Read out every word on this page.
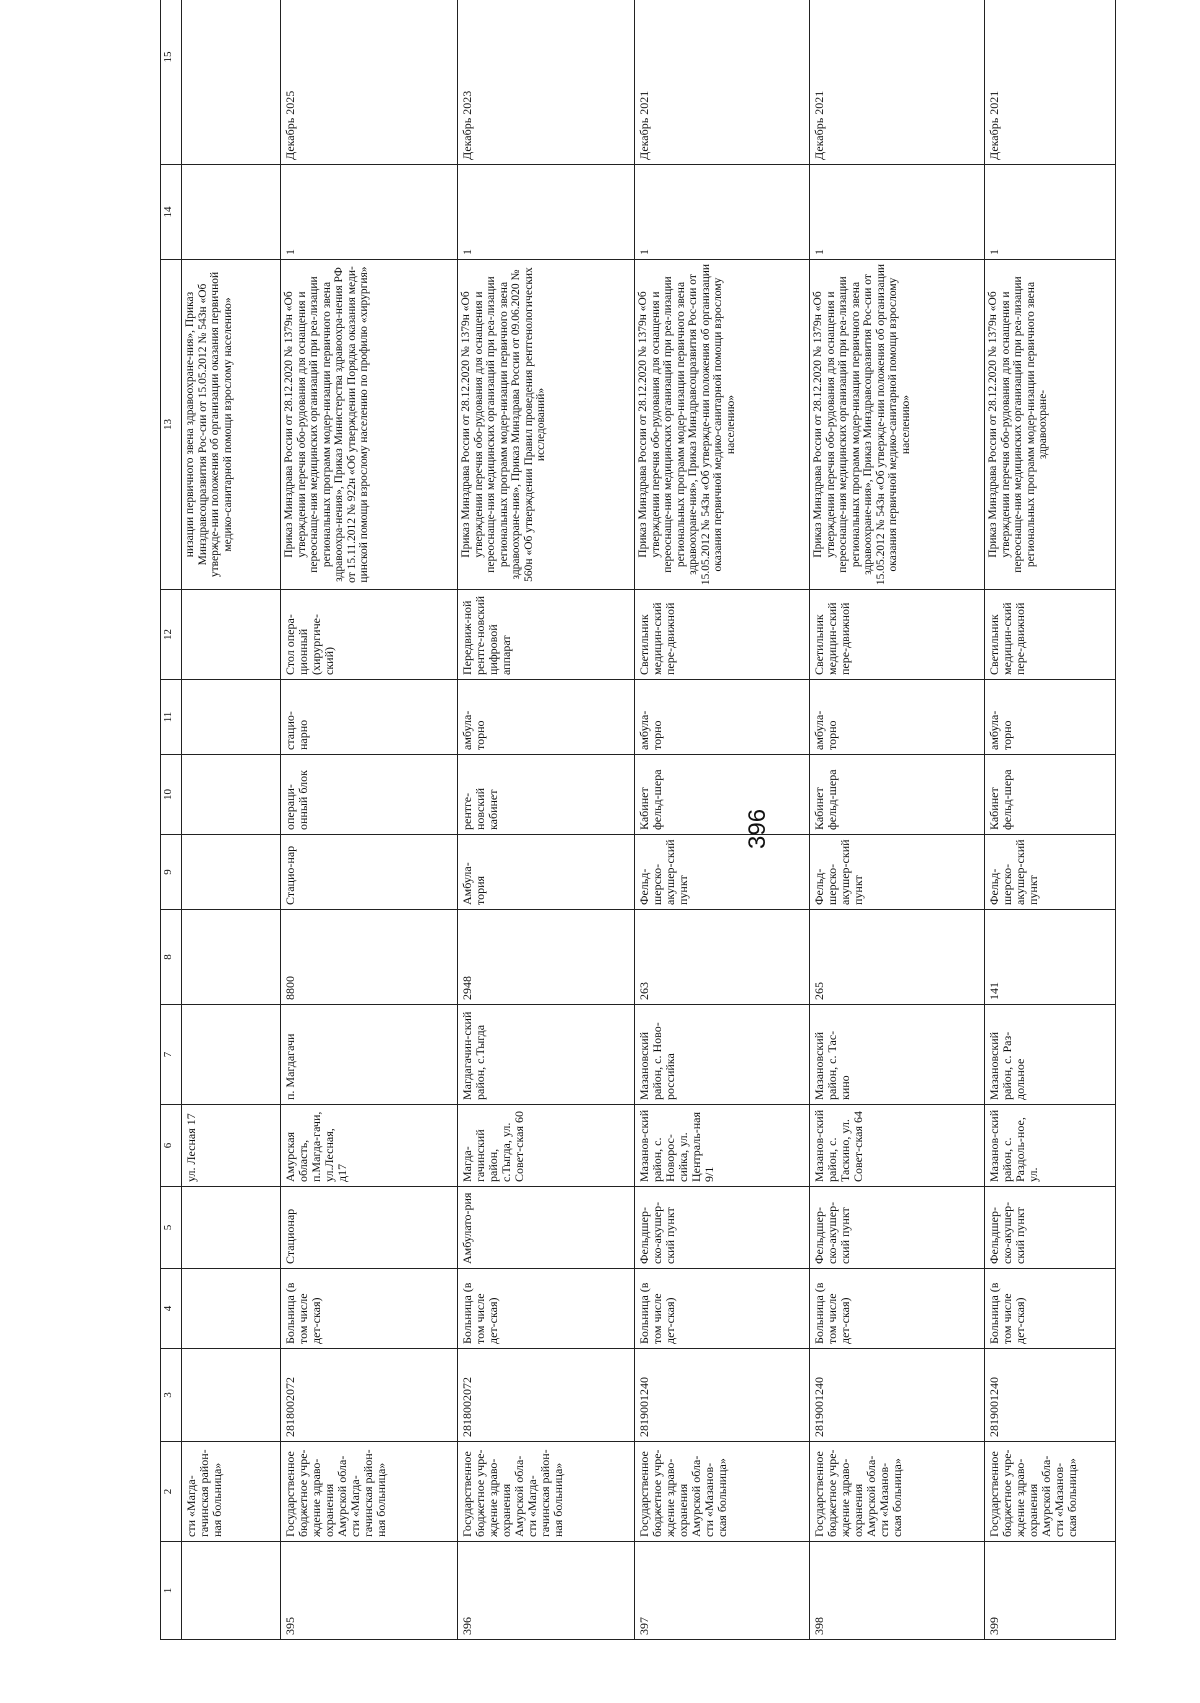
396
1	2	3	4	5	6	7	8	9	10	11	12	13	14	15
	сти «Магда-гачинская район-ная больница»				ул. Лесная 17							низации первичного звена здравоохране-ния», Приказ Минздравсоцразвития Рос-сии от 15.05.2012 № 543н «Об утвержде-нии положения об организации оказания первичной медико-санитарной помощи взрослому населению»		
395	Государственное бюджетное учре-ждение здраво-охранения Амурской обла-сти «Магда-гачинская район-ная больница»	2818002072	Больница (в том числе дет-ская)	Стационар	Амурская область, п.Магда-гачи, ул.Лесная, д17	п. Магдагачи	8800	Стацио-нар	операци-онный блок	стацио-нарно	Стол опера-ционный (хирургиче-ский)	Приказ Минздрава России от 28.12.2020 № 1379н «Об утверждении перечня обо-рудования для оснащения и переоснаще-ния медицинских организаций при реа-лизации региональных программ модер-низации первичного звена здравоохра-нения», Приказ Министерства здравоохра-нения РФ от 15.11.2012 № 922н «Об утверждении Порядка оказания меди-цинской помощи взрослому населению по профилю «хирургия»	1	Декабрь 2025
396	Государственное бюджетное учре-ждение здраво-охранения Амурской обла-сти «Магда-гачинская район-ная больница»	2818002072	Больница (в том числе дет-ская)	Амбулато-рия	Магда-гачинский район, с.Тыгда, ул. Совет-ская 60	Магдагачин-ский район, с.Тыгда	2948	Амбула-тория	рентге-новский кабинет	амбула-торно	Передвиж-ной рентге-новский цифровой аппарат	Приказ Минздрава России от 28.12.2020 № 1379н «Об утверждении перечня обо-рудования для оснащения и переоснаще-ния медицинских организаций при реа-лизации региональных программ модер-низации первичного звена здравоохране-ния», Приказ Минздрава России от 09.06.2020 № 560н «Об утверждении Правил проведения рентгенологических исследований»	1	Декабрь 2023
397	Государственное бюджетное учре-ждение здраво-охранения Амурской обла-сти «Мазанов-ская больница»	2819001240	Больница (в том числе дет-ская)	Фельдшер-ско-акушер-ский пункт	Мазанов-ский район, с. Новорос-сийка, ул. Централь-ная 9/1	Мазановский район, с. Ново-российка	263	Фельд-шерско-акушер-ский пункт	Кабинет фельд-шера	амбула-торно	Светильник медицин-ский пере-движной	Приказ Минздрава России от 28.12.2020 № 1379н «Об утверждении перечня обо-рудования для оснащения и переоснаще-ния медицинских организаций при реа-лизации региональных программ модер-низации первичного звена здравоохране-ния», Приказ Минздравсоцразвития Рос-сии от 15.05.2012 № 543н «Об утвержде-нии положения об организации оказания первичной медико-санитарной помощи взрослому населению»	1	Декабрь 2021
398	Государственное бюджетное учре-ждение здраво-охранения Амурской обла-сти «Мазанов-ская больница»	2819001240	Больница (в том числе дет-ская)	Фельдшер-ско-акушер-ский пункт	Мазанов-ский район, с. Таскино, ул. Совет-ская 64	Мазановский район, с. Тас-кино	265	Фельд-шерско-акушер-ский пункт	Кабинет фельд-шера	амбула-торно	Светильник медицин-ский пере-движной	Приказ Минздрава России от 28.12.2020 № 1379н «Об утверждении перечня обо-рудования для оснащения и переоснаще-ния медицинских организаций при реа-лизации региональных программ модер-низации первичного звена здравоохране-ния», Приказ Минздравсоцразвития Рос-сии от 15.05.2012 № 543н «Об утвержде-нии положения об организации оказания первичной медико-санитарной помощи взрослому населению»	1	Декабрь 2021
399	Государственное бюджетное учре-ждение здраво-охранения Амурской обла-сти «Мазанов-ская больница»	2819001240	Больница (в том числе дет-ская)	Фельдшер-ско-акушер-ский пункт	Мазанов-ский район, с. Раздоль-ное, ул.	Мазановский район, с. Раз-дольное	141	Фельд-шерско-акушер-ский пункт	Кабинет фельд-шера	амбула-торно	Светильник медицин-ский пере-движной	Приказ Минздрава России от 28.12.2020 № 1379н «Об утверждении перечня обо-рудования для оснащения и переоснаще-ния медицинских организаций при реа-лизации региональных программ модер-низации первичного звена здравоохране-	1	Декабрь 2021
